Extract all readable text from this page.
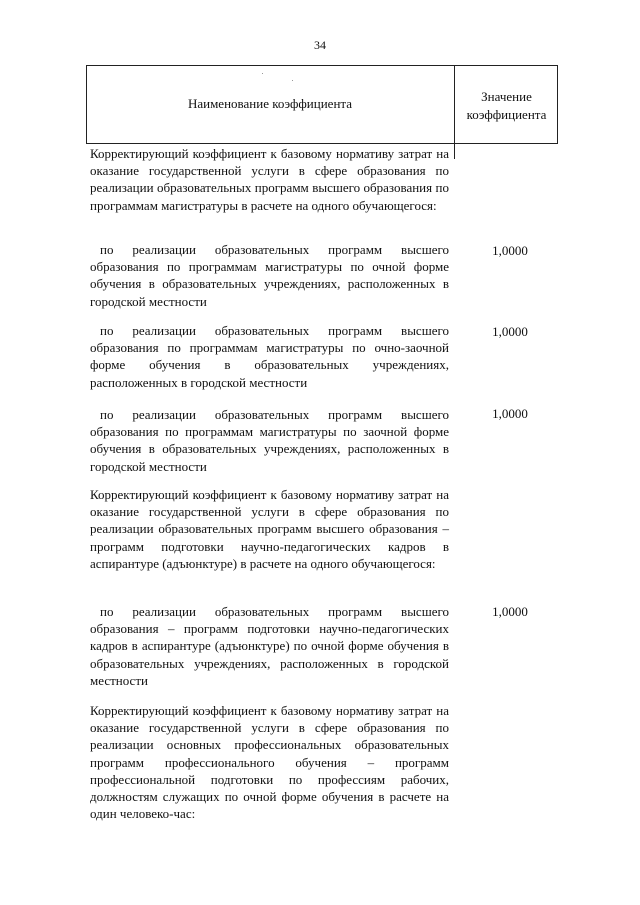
34
Наименование коэффициента	Значение
коэффициента

Корректирующий коэффициент к базовому нормативу затрат на оказание государственной услуги в сфере образования по реализации образовательных программ высшего образования по программам магистратуры в расчете на одного обучающегося:

по реализации образовательных программ высшего образования по программам магистратуры по очной форме обучения в образовательных учреждениях, расположенных в городской местности

1,0000

по реализации образовательных программ высшего образования по программам магистратуры по очно-заочной форме обучения в образовательных учреждениях, расположенных в городской местности

1,0000

по реализации образовательных программ высшего образования по программам магистратуры по заочной форме обучения в образовательных учреждениях, расположенных в городской местности

1,0000

Корректирующий коэффициент к базовому нормативу затрат на оказание государственной услуги в сфере образования по реализации образовательных программ высшего образования – программ подготовки научно-педагогических кадров в аспирантуре (адъюнктуре) в расчете на одного обучающегося:

по реализации образовательных программ высшего образования – программ подготовки научно-педагогических кадров в аспирантуре (адъюнктуре) по очной форме обучения в образовательных учреждениях, расположенных в городской местности

1,0000

Корректирующий коэффициент к базовому нормативу затрат на оказание государственной услуги в сфере образования по реализации основных профессиональных образовательных программ профессионального обучения – программ профессиональной подготовки по профессиям рабочих, должностям служащих по очной форме обучения в расчете на один человеко-час:
